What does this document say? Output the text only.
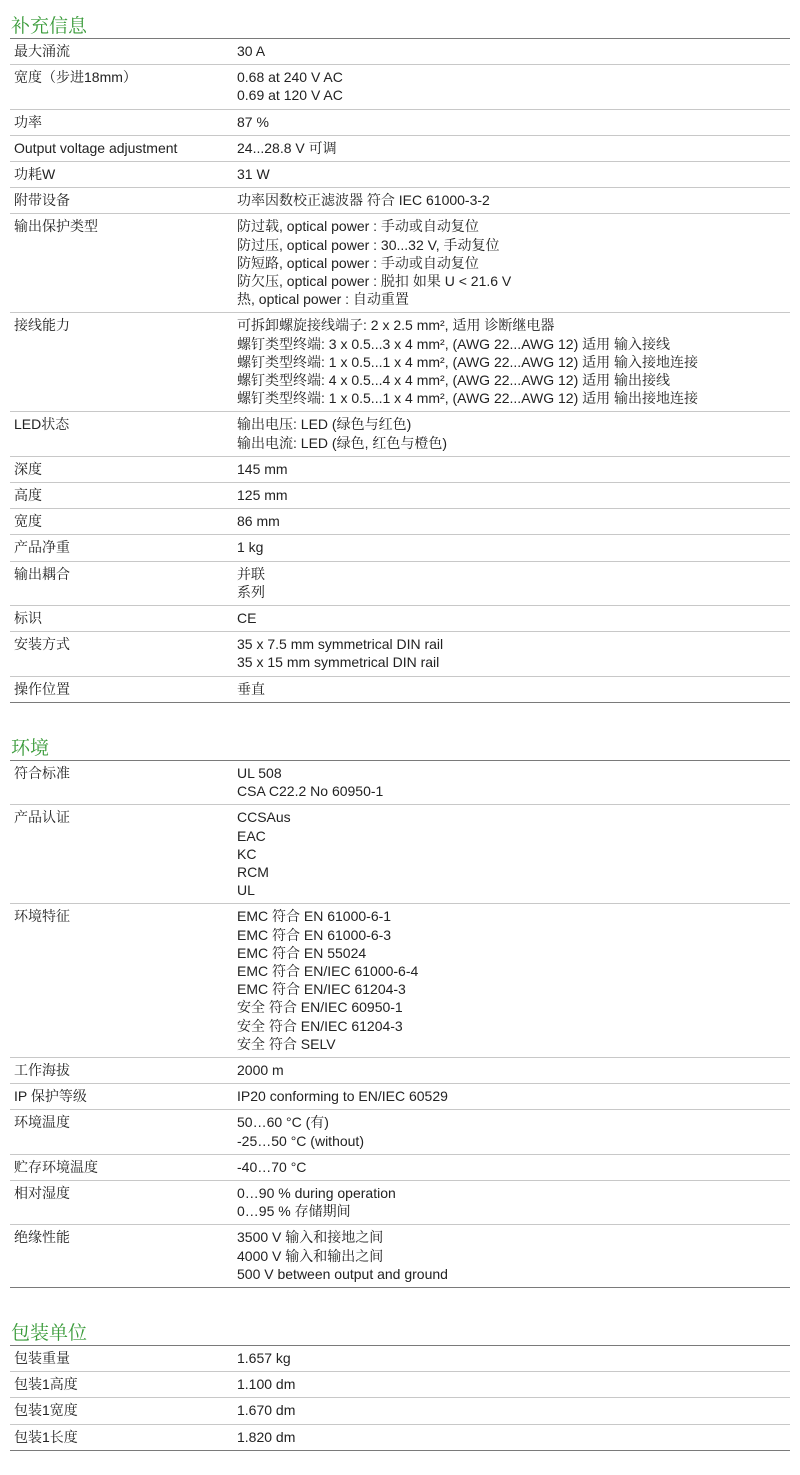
补充信息
最大涌流	30 A
宽度（步进18mm）	0.68 at 240 V AC
0.69 at 120 V AC
功率	87 %
Output voltage adjustment	24...28.8 V 可调
功耗W	31 W
附带设备	功率因数校正滤波器 符合 IEC 61000-3-2
输出保护类型	防过载, optical power : 手动或自动复位
防过压, optical power : 30...32 V, 手动复位
防短路, optical power : 手动或自动复位
防欠压, optical power : 脱扣 如果 U < 21.6 V
热, optical power : 自动重置
接线能力	可拆卸螺旋接线端子: 2 x 2.5 mm², 适用 诊断继电器
螺钉类型终端: 3 x 0.5...3 x 4 mm², (AWG 22...AWG 12) 适用 输入接线
螺钉类型终端: 1 x 0.5...1 x 4 mm², (AWG 22...AWG 12) 适用 输入接地连接
螺钉类型终端: 4 x 0.5...4 x 4 mm², (AWG 22...AWG 12) 适用 输出接线
螺钉类型终端: 1 x 0.5...1 x 4 mm², (AWG 22...AWG 12) 适用 输出接地连接
LED状态	输出电压: LED (绿色与红色)
输出电流: LED (绿色, 红色与橙色)
深度	145 mm
高度	125 mm
宽度	86 mm
产品净重	1 kg
输出耦合	并联
系列
标识	CE
安装方式	35 x 7.5 mm symmetrical DIN rail
35 x 15 mm symmetrical DIN rail
操作位置	垂直
环境
符合标准	UL 508
CSA C22.2 No 60950-1
产品认证	CCSAus
EAC
KC
RCM
UL
环境特征	EMC 符合 EN 61000-6-1
EMC 符合 EN 61000-6-3
EMC 符合 EN 55024
EMC 符合 EN/IEC 61000-6-4
EMC 符合 EN/IEC 61204-3
安全 符合 EN/IEC 60950-1
安全 符合 EN/IEC 61204-3
安全 符合 SELV
工作海拔	2000 m
IP 保护等级	IP20 conforming to EN/IEC 60529
环境温度	50…60 °C (有)
-25…50 °C (without)
贮存环境温度	-40…70 °C
相对湿度	0…90 % during operation
0…95 % 存储期间
绝缘性能	3500 V 输入和接地之间
4000 V 输入和输出之间
500 V between output and ground
包装单位
包装重量	1.657 kg
包装1高度	1.100 dm
包装1宽度	1.670 dm
包装1长度	1.820 dm
